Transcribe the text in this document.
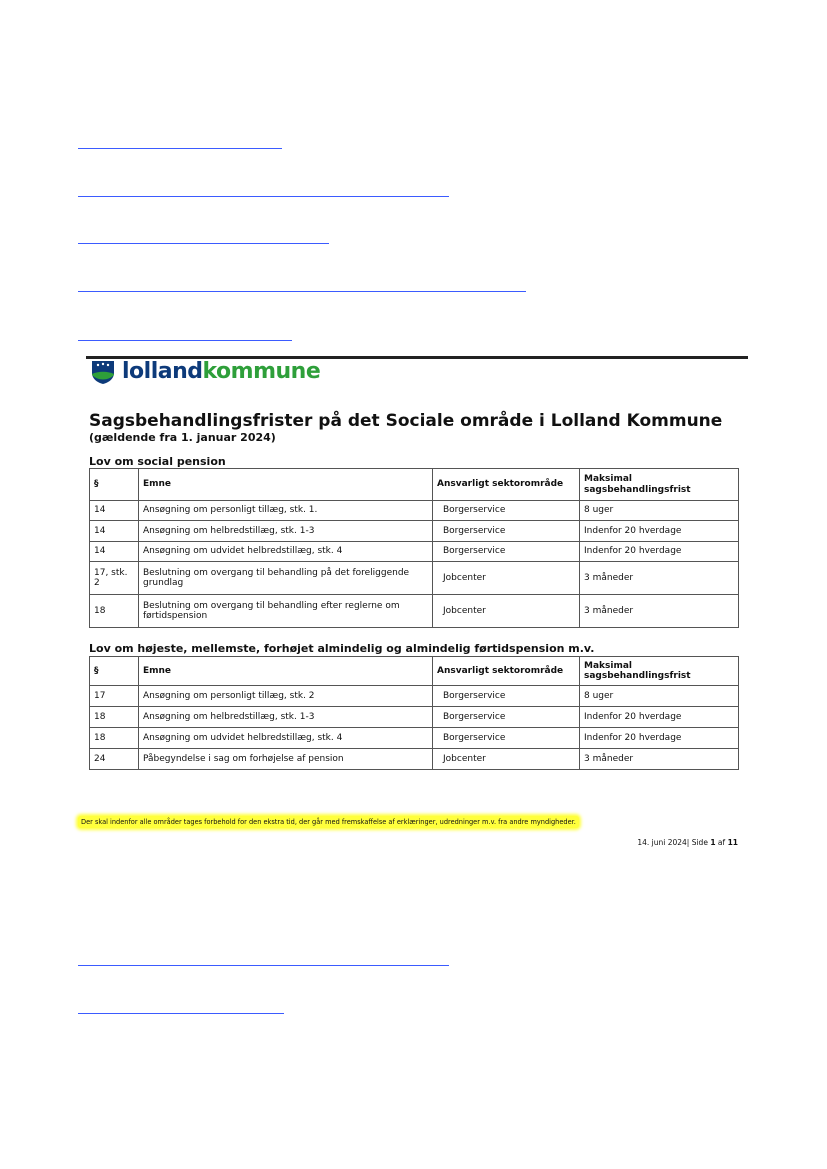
lollandkommune
Sagsbehandlingsfrister på det Sociale område i Lolland Kommune
(gældende fra 1. januar 2024)
Lov om social pension
§	Emne	Ansvarligt sektorområde	Maksimal sagsbehandlingsfrist
14	Ansøgning om personligt tillæg, stk. 1.	Borgerservice	8 uger
14	Ansøgning om helbredstillæg, stk. 1-3	Borgerservice	Indenfor 20 hverdage
14	Ansøgning om udvidet helbredstillæg, stk. 4	Borgerservice	Indenfor 20 hverdage
17, stk. 2	Beslutning om overgang til behandling på det foreliggende grundlag	Jobcenter	3 måneder
18	Beslutning om overgang til behandling efter reglerne om førtidspension	Jobcenter	3 måneder
Lov om højeste, mellemste, forhøjet almindelig og almindelig førtidspension m.v.
§	Emne	Ansvarligt sektorområde	Maksimal sagsbehandlingsfrist
17	Ansøgning om personligt tillæg, stk. 2	Borgerservice	8 uger
18	Ansøgning om helbredstillæg, stk. 1-3	Borgerservice	Indenfor 20 hverdage
18	Ansøgning om udvidet helbredstillæg, stk. 4	Borgerservice	Indenfor 20 hverdage
24	Påbegyndelse i sag om forhøjelse af pension	Jobcenter	3 måneder
Der skal indenfor alle områder tages forbehold for den ekstra tid, der går med fremskaffelse af erklæringer, udredninger m.v. fra andre myndigheder.
14. juni 2024| Side 1 af 11
